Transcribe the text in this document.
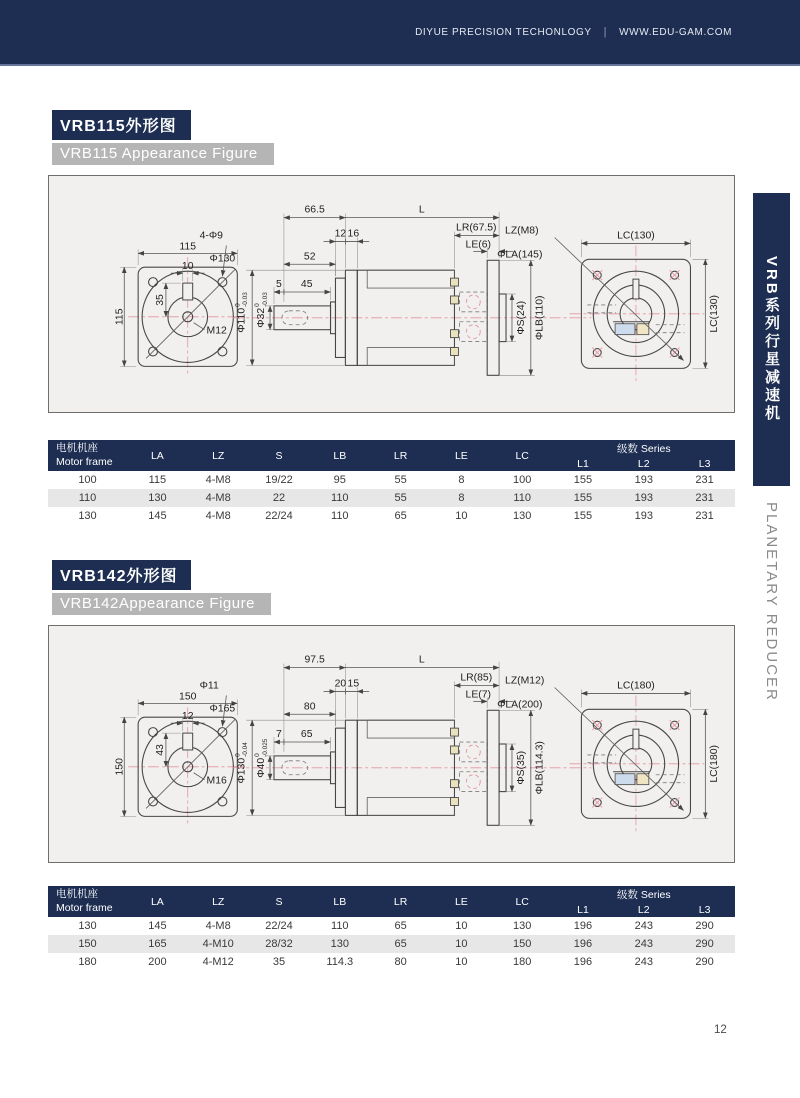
DIYUE PRECISION TECHONLOGY | WWW.EDU-GAM.COM
VRB系列行星减速机
PLANETARY REDUCER
VRB115外形图
VRB115 Appearance Figure
115
115
10
35
M12
4-Φ9
Φ130
66.5	L
12 16
52
5 45
Φ110
0 -0.03
Φ32
0 -0.03
LR(67.5)
LE(6)
ΦS(24) ΦLB(110)
LZ(M8)
ΦLA(145)
LC(130)
LC(130)
电机机座
Motor frame	LA	LZ	S	LB	LR	LE	LC	级数 Series		
								L1	L2	L3
100	115	4-M8	19/22	95	55	8	100	155	193	231
110	130	4-M8	22	110	55	8	110	155	193	231
130	145	4-M8	22/24	110	65	10	130	155	193	231
VRB142外形图
VRB142Appearance Figure
150
150
12
43
M16
Φ11
Φ165
97.5	L
20 15
80
7 65
Φ130
0 -0.04
Φ40
0 -0.025
LR(85)
LE(7)
ΦS(35) ΦLB(114.3)
LZ(M12)
ΦLA(200)
LC(180)
LC(180)
电机机座
Motor frame	LA	LZ	S	LB	LR	LE	LC	级数 Series		
								L1	L2	L3
130	145	4-M8	22/24	110	65	10	130	196	243	290
150	165	4-M10	28/32	130	65	10	150	196	243	290
180	200	4-M12	35	114.3	80	10	180	196	243	290
12
